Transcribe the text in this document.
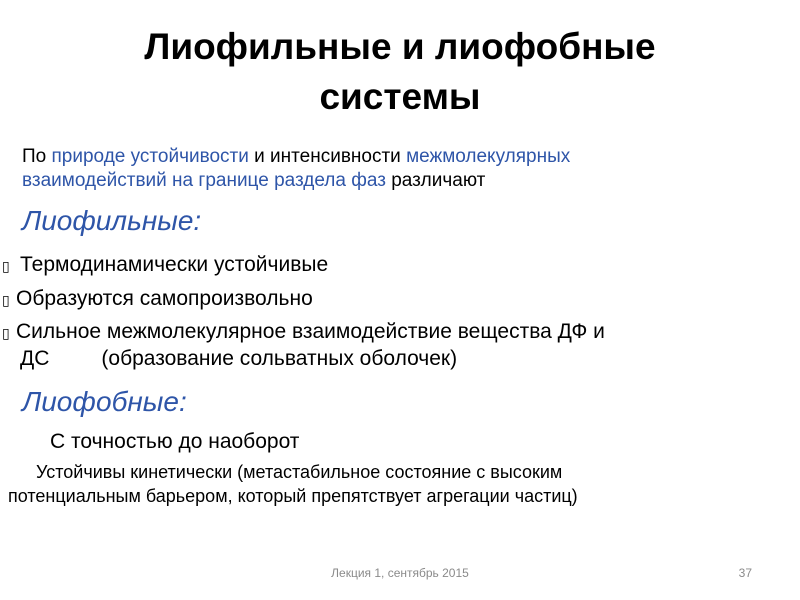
Лиофильные и лиофобные
системы
По природе устойчивости и интенсивности межмолекулярных
взаимодействий на границе раздела фаз различают
Лиофильные:
▯ Термодинамически устойчивые
▯ Образуются самопроизвольно
▯ Сильное межмолекулярное взаимодействие вещества ДФ и
ДС (образование сольватных оболочек)
Лиофобные:
С точностью до наоборот
Устойчивы кинетически (метастабильное состояние с высоким
потенциальным барьером, который препятствует агрегации частиц)
Лекция 1, сентябрь 2015	37
